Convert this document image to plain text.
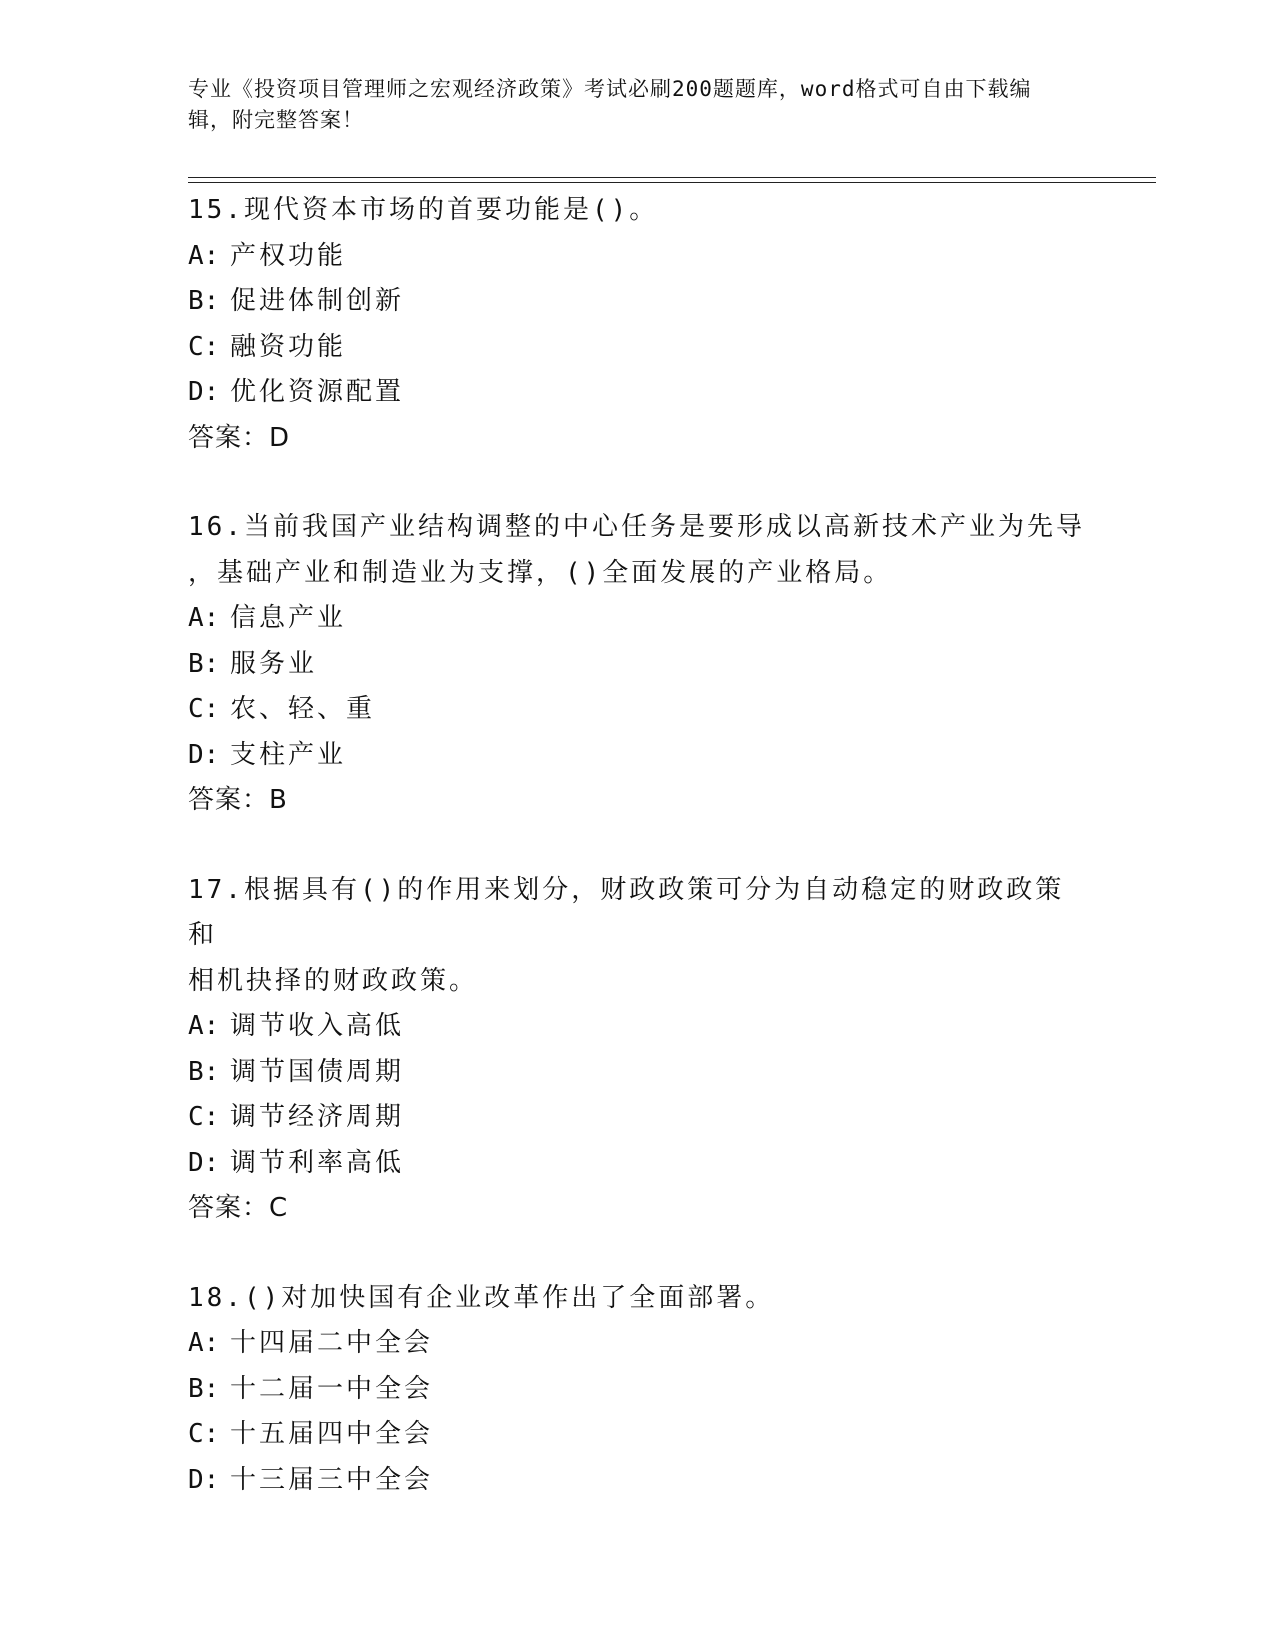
专业《投资项目管理师之宏观经济政策》考试必刷200题题库，word格式可自由下载编辑，附完整答案！
15.现代资本市场的首要功能是()。
A: 产权功能
B: 促进体制创新
C: 融资功能
D: 优化资源配置
答案：D
16.当前我国产业结构调整的中心任务是要形成以高新技术产业为先导
，基础产业和制造业为支撑，()全面发展的产业格局。
A: 信息产业
B: 服务业
C: 农、轻、重
D: 支柱产业
答案：B
17.根据具有()的作用来划分，财政政策可分为自动稳定的财政政策和
相机抉择的财政政策。
A: 调节收入高低
B: 调节国债周期
C: 调节经济周期
D: 调节利率高低
答案：C
18.()对加快国有企业改革作出了全面部署。
A: 十四届二中全会
B: 十二届一中全会
C: 十五届四中全会
D: 十三届三中全会
